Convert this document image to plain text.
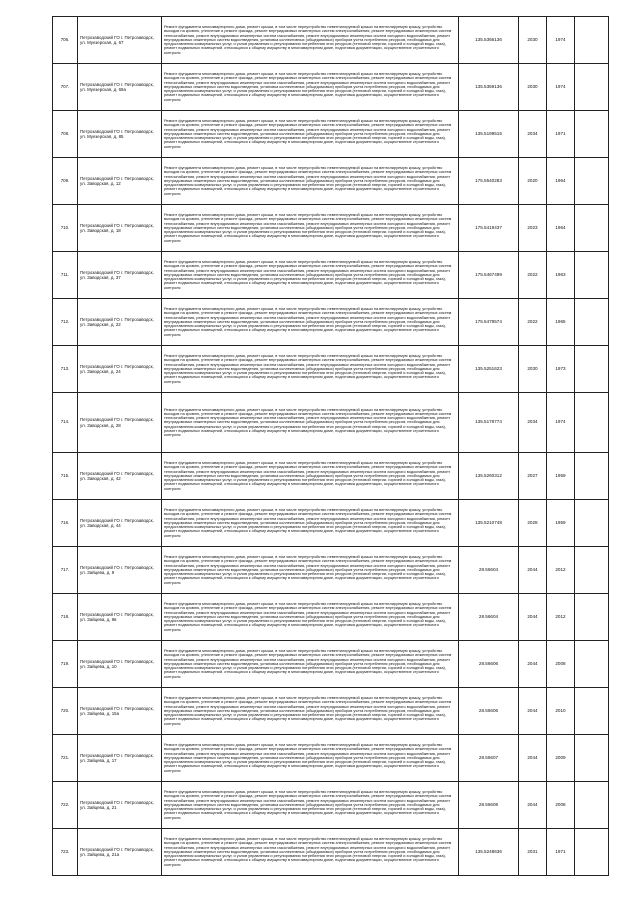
706.	Петрозаводский ГО г. Петрозаводск, ул. Муезерская, д. 67	Ремонт фундамента многоквартирного дома, ремонт крыши, в том числе переустройство невентилируемой крыши на вентилируемую крышу, устройство выходов на кровлю, утепление и ремонт фасада, ремонт внутридомовых инженерных систем электроснабжения, ремонт внутридомовых инженерных систем теплоснабжения, ремонт внутридомовых инженерных систем газоснабжения, ремонт внутридомовых инженерных систем холодного водоснабжения, ремонт внутридомовых инженерных систем водоотведения, установка коллективных (общедомовых) приборов учета потребления ресурсов, необходимых для предоставления коммунальных услуг, и узлов управления и регулирования потребления этих ресурсов (тепловой энергии, горячей и холодной воды, газа), ремонт подвальных помещений, относящихся к общему имуществу в многоквартирном доме, подготовка документации, осуществление строительного контроля	135.5366136	2030	1974	
707.	Петрозаводский ГО г. Петрозаводск, ул. Муезерская, д. 69а	Ремонт фундамента многоквартирного дома, ремонт крыши, в том числе переустройство невентилируемой крыши на вентилируемую крышу, устройство выходов на кровлю, утепление и ремонт фасада, ремонт внутридомовых инженерных систем электроснабжения, ремонт внутридомовых инженерных систем теплоснабжения, ремонт внутридомовых инженерных систем газоснабжения, ремонт внутридомовых инженерных систем холодного водоснабжения, ремонт внутридомовых инженерных систем водоотведения, установка коллективных (общедомовых) приборов учета потребления ресурсов, необходимых для предоставления коммунальных услуг, и узлов управления и регулирования потребления этих ресурсов (тепловой энергии, горячей и холодной воды, газа), ремонт подвальных помещений, относящихся к общему имуществу в многоквартирном доме, подготовка документации, осуществление строительного контроля	135.5369136	2030	1974	
708.	Петрозаводский ГО г. Петрозаводск, ул. Муезерская, д. 85	Ремонт фундамента многоквартирного дома, ремонт крыши, в том числе переустройство невентилируемой крыши на вентилируемую крышу, устройство выходов на кровлю, утепление и ремонт фасада, ремонт внутридомовых инженерных систем электроснабжения, ремонт внутридомовых инженерных систем теплоснабжения, ремонт внутридомовых инженерных систем газоснабжения, ремонт внутридомовых инженерных систем холодного водоснабжения, ремонт внутридомовых инженерных систем водоотведения, установка коллективных (общедомовых) приборов учета потребления ресурсов, необходимых для предоставления коммунальных услуг, и узлов управления и регулирования потребления этих ресурсов (тепловой энергии, горячей и холодной воды, газа), ремонт подвальных помещений, относящихся к общему имуществу в многоквартирном доме, подготовка документации, осуществление строительного контроля	135.5199515	2034	1971	
709.	Петрозаводский ГО г. Петрозаводск, ул. Заводская, д. 12	Ремонт фундамента многоквартирного дома, ремонт крыши, в том числе переустройство невентилируемой крыши на вентилируемую крышу, устройство выходов на кровлю, утепление и ремонт фасада, ремонт внутридомовых инженерных систем электроснабжения, ремонт внутридомовых инженерных систем теплоснабжения, ремонт внутридомовых инженерных систем газоснабжения, ремонт внутридомовых инженерных систем холодного водоснабжения, ремонт внутридомовых инженерных систем водоотведения, установка коллективных (общедомовых) приборов учета потребления ресурсов, необходимых для предоставления коммунальных услуг, и узлов управления и регулирования потребления этих ресурсов (тепловой энергии, горячей и холодной воды, газа), ремонт подвальных помещений, относящихся к общему имуществу в многоквартирном доме, подготовка документации, осуществление строительного контроля	175.5540283	2020	1964	
710.	Петрозаводский ГО г. Петрозаводск, ул. Заводская, д. 18	Ремонт фундамента многоквартирного дома, ремонт крыши, в том числе переустройство невентилируемой крыши на вентилируемую крышу, устройство выходов на кровлю, утепление и ремонт фасада, ремонт внутридомовых инженерных систем электроснабжения, ремонт внутридомовых инженерных систем теплоснабжения, ремонт внутридомовых инженерных систем газоснабжения, ремонт внутридомовых инженерных систем холодного водоснабжения, ремонт внутридомовых инженерных систем водоотведения, установка коллективных (общедомовых) приборов учета потребления ресурсов, необходимых для предоставления коммунальных услуг, и узлов управления и регулирования потребления этих ресурсов (тепловой энергии, горячей и холодной воды, газа), ремонт подвальных помещений, относящихся к общему имуществу в многоквартирном доме, подготовка документации, осуществление строительного контроля	175.5419437	2023	1964	
711.	Петрозаводский ГО г. Петрозаводск, ул. Заводская, д. 37	Ремонт фундамента многоквартирного дома, ремонт крыши, в том числе переустройство невентилируемой крыши на вентилируемую крышу, устройство выходов на кровлю, утепление и ремонт фасада, ремонт внутридомовых инженерных систем электроснабжения, ремонт внутридомовых инженерных систем теплоснабжения, ремонт внутридомовых инженерных систем газоснабжения, ремонт внутридомовых инженерных систем холодного водоснабжения, ремонт внутридомовых инженерных систем водоотведения, установка коллективных (общедомовых) приборов учета потребления ресурсов, необходимых для предоставления коммунальных услуг, и узлов управления и регулирования потребления этих ресурсов (тепловой энергии, горячей и холодной воды, газа), ремонт подвальных помещений, относящихся к общему имуществу в многоквартирном доме, подготовка документации, осуществление строительного контроля	175.5467499	2022	1963	
712.	Петрозаводский ГО г. Петрозаводск, ул. Заводская, д. 22	Ремонт фундамента многоквартирного дома, ремонт крыши, в том числе переустройство невентилируемой крыши на вентилируемую крышу, устройство выходов на кровлю, утепление и ремонт фасада, ремонт внутридомовых инженерных систем электроснабжения, ремонт внутридомовых инженерных систем теплоснабжения, ремонт внутридомовых инженерных систем газоснабжения, ремонт внутридомовых инженерных систем холодного водоснабжения, ремонт внутридомовых инженерных систем водоотведения, установка коллективных (общедомовых) приборов учета потребления ресурсов, необходимых для предоставления коммунальных услуг, и узлов управления и регулирования потребления этих ресурсов (тепловой энергии, горячей и холодной воды, газа), ремонт подвальных помещений, относящихся к общему имуществу в многоквартирном доме, подготовка документации, осуществление строительного контроля	175.5479574	2022	1965	
713.	Петрозаводский ГО г. Петрозаводск, ул. Заводская, д. 24	Ремонт фундамента многоквартирного дома, ремонт крыши, в том числе переустройство невентилируемой крыши на вентилируемую крышу, устройство выходов на кровлю, утепление и ремонт фасада, ремонт внутридомовых инженерных систем электроснабжения, ремонт внутридомовых инженерных систем теплоснабжения, ремонт внутридомовых инженерных систем газоснабжения, ремонт внутридомовых инженерных систем холодного водоснабжения, ремонт внутридомовых инженерных систем водоотведения, установка коллективных (общедомовых) приборов учета потребления ресурсов, необходимых для предоставления коммунальных услуг, и узлов управления и регулирования потребления этих ресурсов (тепловой энергии, горячей и холодной воды, газа), ремонт подвальных помещений, относящихся к общему имуществу в многоквартирном доме, подготовка документации, осуществление строительного контроля	135.5251623	2030	1973	
714.	Петрозаводский ГО г. Петрозаводск, ул. Заводская, д. 28	Ремонт фундамента многоквартирного дома, ремонт крыши, в том числе переустройство невентилируемой крыши на вентилируемую крышу, устройство выходов на кровлю, утепление и ремонт фасада, ремонт внутридомовых инженерных систем электроснабжения, ремонт внутридомовых инженерных систем теплоснабжения, ремонт внутридомовых инженерных систем газоснабжения, ремонт внутридомовых инженерных систем холодного водоснабжения, ремонт внутридомовых инженерных систем водоотведения, установка коллективных (общедомовых) приборов учета потребления ресурсов, необходимых для предоставления коммунальных услуг, и узлов управления и регулирования потребления этих ресурсов (тепловой энергии, горячей и холодной воды, газа), ремонт подвальных помещений, относящихся к общему имуществу в многоквартирном доме, подготовка документации, осуществление строительного контроля	135.5178774	2034	1974	
715.	Петрозаводский ГО г. Петрозаводск, ул. Заводская, д. 42	Ремонт фундамента многоквартирного дома, ремонт крыши, в том числе переустройство невентилируемой крыши на вентилируемую крышу, устройство выходов на кровлю, утепление и ремонт фасада, ремонт внутридомовых инженерных систем электроснабжения, ремонт внутридомовых инженерных систем теплоснабжения, ремонт внутридомовых инженерных систем газоснабжения, ремонт внутридомовых инженерных систем холодного водоснабжения, ремонт внутридомовых инженерных систем водоотведения, установка коллективных (общедомовых) приборов учета потребления ресурсов, необходимых для предоставления коммунальных услуг, и узлов управления и регулирования потребления этих ресурсов (тепловой энергии, горячей и холодной воды, газа), ремонт подвальных помещений, относящихся к общему имуществу в многоквартирном доме, подготовка документации, осуществление строительного контроля	135.5260312	2027	1959	
716.	Петрозаводский ГО г. Петрозаводск, ул. Заводская, д. 44	Ремонт фундамента многоквартирного дома, ремонт крыши, в том числе переустройство невентилируемой крыши на вентилируемую крышу, устройство выходов на кровлю, утепление и ремонт фасада, ремонт внутридомовых инженерных систем электроснабжения, ремонт внутридомовых инженерных систем теплоснабжения, ремонт внутридомовых инженерных систем газоснабжения, ремонт внутридомовых инженерных систем холодного водоснабжения, ремонт внутридомовых инженерных систем водоотведения, установка коллективных (общедомовых) приборов учета потребления ресурсов, необходимых для предоставления коммунальных услуг, и узлов управления и регулирования потребления этих ресурсов (тепловой энергии, горячей и холодной воды, газа), ремонт подвальных помещений, относящихся к общему имуществу в многоквартирном доме, подготовка документации, осуществление строительного контроля	135.5210748	2028	1959	
717.	Петрозаводский ГО г. Петрозаводск, ул. Зайцева, д. 9	Ремонт фундамента многоквартирного дома, ремонт крыши, в том числе переустройство невентилируемой крыши на вентилируемую крышу, устройство выходов на кровлю, утепление и ремонт фасада, ремонт внутридомовых инженерных систем электроснабжения, ремонт внутридомовых инженерных систем теплоснабжения, ремонт внутридомовых инженерных систем газоснабжения, ремонт внутридомовых инженерных систем холодного водоснабжения, ремонт внутридомовых инженерных систем водоотведения, установка коллективных (общедомовых) приборов учета потребления ресурсов, необходимых для предоставления коммунальных услуг, и узлов управления и регулирования потребления этих ресурсов (тепловой энергии, горячей и холодной воды, газа), ремонт подвальных помещений, относящихся к общему имуществу в многоквартирном доме, подготовка документации, осуществление строительного контроля	28.56604	2044	2012	
718.	Петрозаводский ГО г. Петрозаводск, ул. Зайцева, д. 9в	Ремонт фундамента многоквартирного дома, ремонт крыши, в том числе переустройство невентилируемой крыши на вентилируемую крышу, устройство выходов на кровлю, утепление и ремонт фасада, ремонт внутридомовых инженерных систем электроснабжения, ремонт внутридомовых инженерных систем теплоснабжения, ремонт внутридомовых инженерных систем газоснабжения, ремонт внутридомовых инженерных систем холодного водоснабжения, ремонт внутридомовых инженерных систем водоотведения, установка коллективных (общедомовых) приборов учета потребления ресурсов, необходимых для предоставления коммунальных услуг, и узлов управления и регулирования потребления этих ресурсов (тепловой энергии, горячей и холодной воды, газа), ремонт подвальных помещений, относящихся к общему имуществу в многоквартирном доме, подготовка документации, осуществление строительного контроля	28.56604	2044	2012	
719.	Петрозаводский ГО г. Петрозаводск, ул. Зайцева, д. 10	Ремонт фундамента многоквартирного дома, ремонт крыши, в том числе переустройство невентилируемой крыши на вентилируемую крышу, устройство выходов на кровлю, утепление и ремонт фасада, ремонт внутридомовых инженерных систем электроснабжения, ремонт внутридомовых инженерных систем теплоснабжения, ремонт внутридомовых инженерных систем газоснабжения, ремонт внутридомовых инженерных систем холодного водоснабжения, ремонт внутридомовых инженерных систем водоотведения, установка коллективных (общедомовых) приборов учета потребления ресурсов, необходимых для предоставления коммунальных услуг, и узлов управления и регулирования потребления этих ресурсов (тепловой энергии, горячей и холодной воды, газа), ремонт подвальных помещений, относящихся к общему имуществу в многоквартирном доме, подготовка документации, осуществление строительного контроля	28.56606	2044	2008	
720.	Петрозаводский ГО г. Петрозаводск, ул. Зайцева, д. 15а	Ремонт фундамента многоквартирного дома, ремонт крыши, в том числе переустройство невентилируемой крыши на вентилируемую крышу, устройство выходов на кровлю, утепление и ремонт фасада, ремонт внутридомовых инженерных систем электроснабжения, ремонт внутридомовых инженерных систем теплоснабжения, ремонт внутридомовых инженерных систем газоснабжения, ремонт внутридомовых инженерных систем холодного водоснабжения, ремонт внутридомовых инженерных систем водоотведения, установка коллективных (общедомовых) приборов учета потребления ресурсов, необходимых для предоставления коммунальных услуг, и узлов управления и регулирования потребления этих ресурсов (тепловой энергии, горячей и холодной воды, газа), ремонт подвальных помещений, относящихся к общему имуществу в многоквартирном доме, подготовка документации, осуществление строительного контроля	28.56606	2044	2010	
721.	Петрозаводский ГО г. Петрозаводск, ул. Зайцева, д. 17	Ремонт фундамента многоквартирного дома, ремонт крыши, в том числе переустройство невентилируемой крыши на вентилируемую крышу, устройство выходов на кровлю, утепление и ремонт фасада, ремонт внутридомовых инженерных систем электроснабжения, ремонт внутридомовых инженерных систем теплоснабжения, ремонт внутридомовых инженерных систем газоснабжения, ремонт внутридомовых инженерных систем холодного водоснабжения, ремонт внутридомовых инженерных систем водоотведения, установка коллективных (общедомовых) приборов учета потребления ресурсов, необходимых для предоставления коммунальных услуг, и узлов управления и регулирования потребления этих ресурсов (тепловой энергии, горячей и холодной воды, газа), ремонт подвальных помещений, относящихся к общему имуществу в многоквартирном доме, подготовка документации, осуществление строительного контроля	28.56607	2044	2009	
722.	Петрозаводский ГО г. Петрозаводск, ул. Зайцева, д. 21	Ремонт фундамента многоквартирного дома, ремонт крыши, в том числе переустройство невентилируемой крыши на вентилируемую крышу, устройство выходов на кровлю, утепление и ремонт фасада, ремонт внутридомовых инженерных систем электроснабжения, ремонт внутридомовых инженерных систем теплоснабжения, ремонт внутридомовых инженерных систем газоснабжения, ремонт внутридомовых инженерных систем холодного водоснабжения, ремонт внутридомовых инженерных систем водоотведения, установка коллективных (общедомовых) приборов учета потребления ресурсов, необходимых для предоставления коммунальных услуг, и узлов управления и регулирования потребления этих ресурсов (тепловой энергии, горячей и холодной воды, газа), ремонт подвальных помещений, относящихся к общему имуществу в многоквартирном доме, подготовка документации, осуществление строительного контроля	28.56608	2044	2008	
723.	Петрозаводский ГО г. Петрозаводск, ул. Зайцева, д. 21а	Ремонт фундамента многоквартирного дома, ремонт крыши, в том числе переустройство невентилируемой крыши на вентилируемую крышу, устройство выходов на кровлю, утепление и ремонт фасада, ремонт внутридомовых инженерных систем электроснабжения, ремонт внутридомовых инженерных систем теплоснабжения, ремонт внутридомовых инженерных систем газоснабжения, ремонт внутридомовых инженерных систем холодного водоснабжения, ремонт внутридомовых инженерных систем водоотведения, установка коллективных (общедомовых) приборов учета потребления ресурсов, необходимых для предоставления коммунальных услуг, и узлов управления и регулирования потребления этих ресурсов (тепловой энергии, горячей и холодной воды, газа), ремонт подвальных помещений, относящихся к общему имуществу в многоквартирном доме, подготовка документации, осуществление строительного контроля	135.5248636	2031	1971	
